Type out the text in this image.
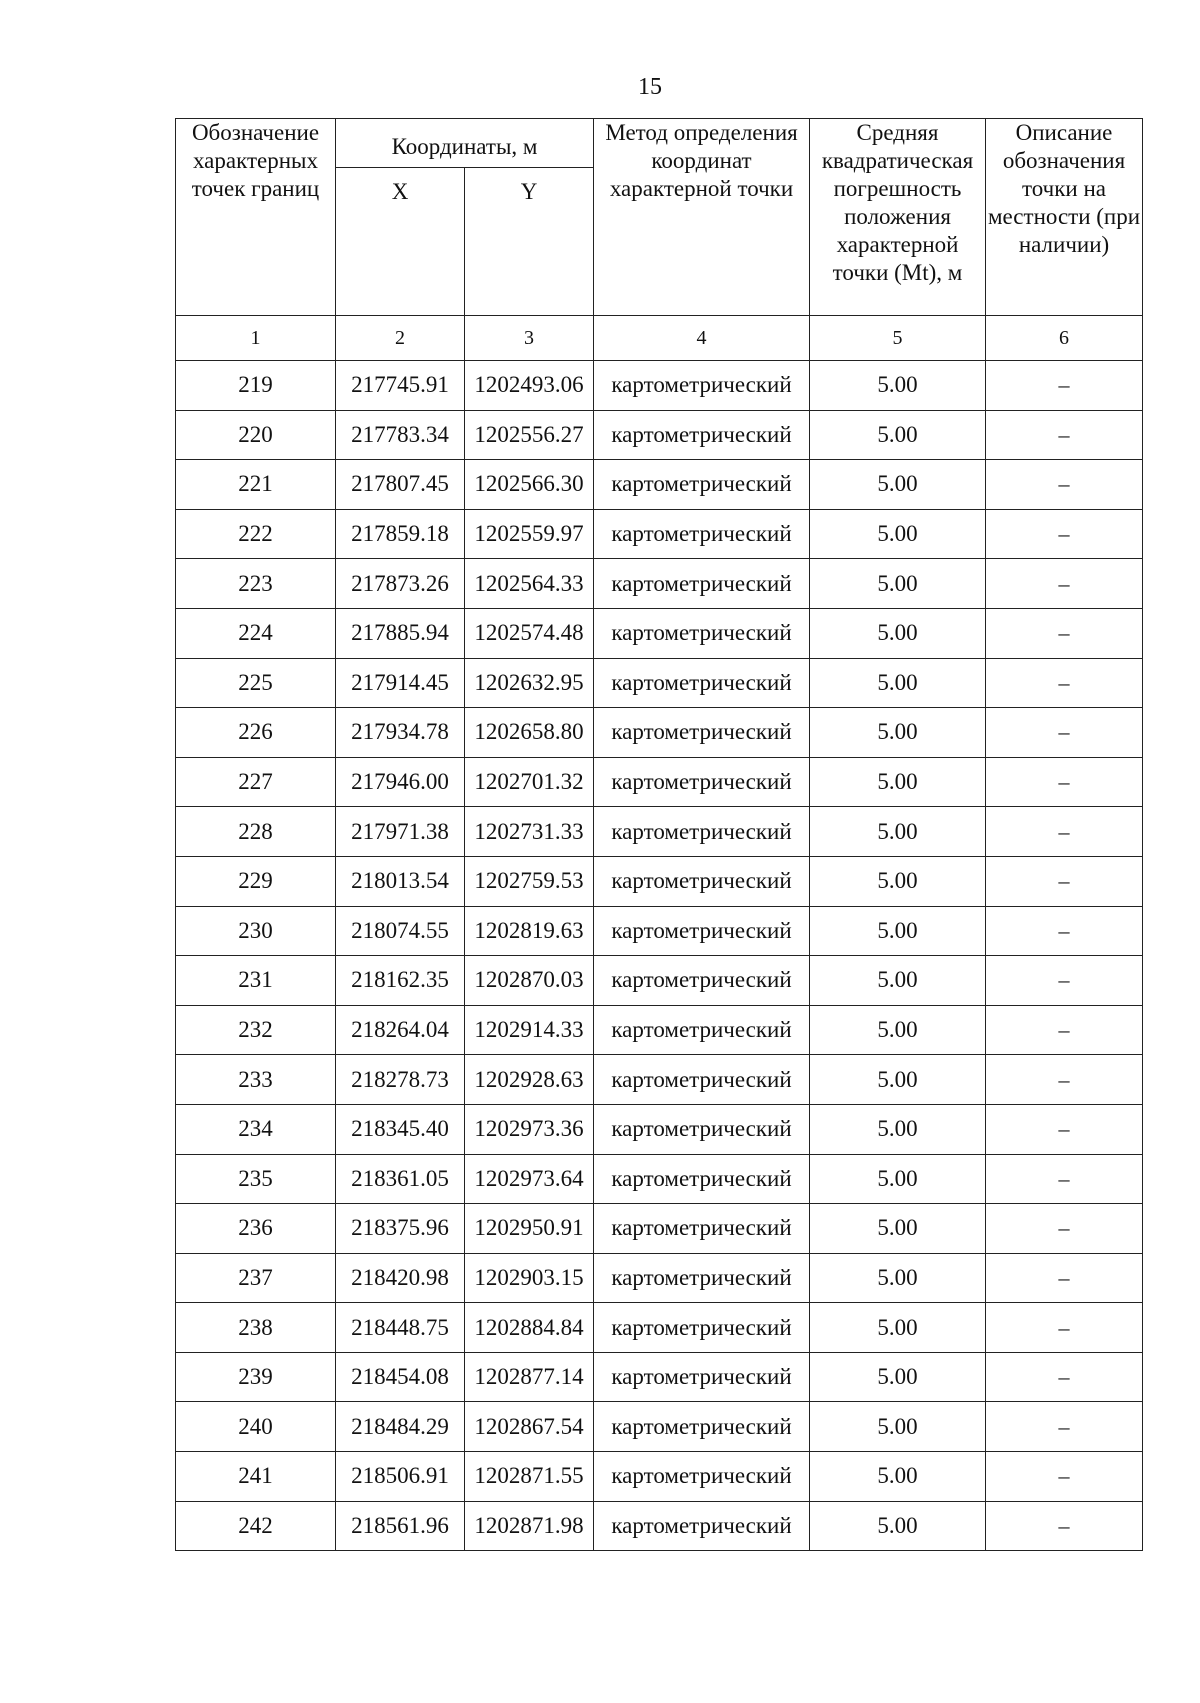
15
Обозначение характерных точек границ	Координаты, м		Метод определения координат характерной точки	Средняя квадратическая погрешность положения характерной точки (Mt), м	Описание обозначения точки на местности (при наличии)
	X	Y			
1	2	3	4	5	6
219	217745.91	1202493.06	картометрический	5.00	–
220	217783.34	1202556.27	картометрический	5.00	–
221	217807.45	1202566.30	картометрический	5.00	–
222	217859.18	1202559.97	картометрический	5.00	–
223	217873.26	1202564.33	картометрический	5.00	–
224	217885.94	1202574.48	картометрический	5.00	–
225	217914.45	1202632.95	картометрический	5.00	–
226	217934.78	1202658.80	картометрический	5.00	–
227	217946.00	1202701.32	картометрический	5.00	–
228	217971.38	1202731.33	картометрический	5.00	–
229	218013.54	1202759.53	картометрический	5.00	–
230	218074.55	1202819.63	картометрический	5.00	–
231	218162.35	1202870.03	картометрический	5.00	–
232	218264.04	1202914.33	картометрический	5.00	–
233	218278.73	1202928.63	картометрический	5.00	–
234	218345.40	1202973.36	картометрический	5.00	–
235	218361.05	1202973.64	картометрический	5.00	–
236	218375.96	1202950.91	картометрический	5.00	–
237	218420.98	1202903.15	картометрический	5.00	–
238	218448.75	1202884.84	картометрический	5.00	–
239	218454.08	1202877.14	картометрический	5.00	–
240	218484.29	1202867.54	картометрический	5.00	–
241	218506.91	1202871.55	картометрический	5.00	–
242	218561.96	1202871.98	картометрический	5.00	–
